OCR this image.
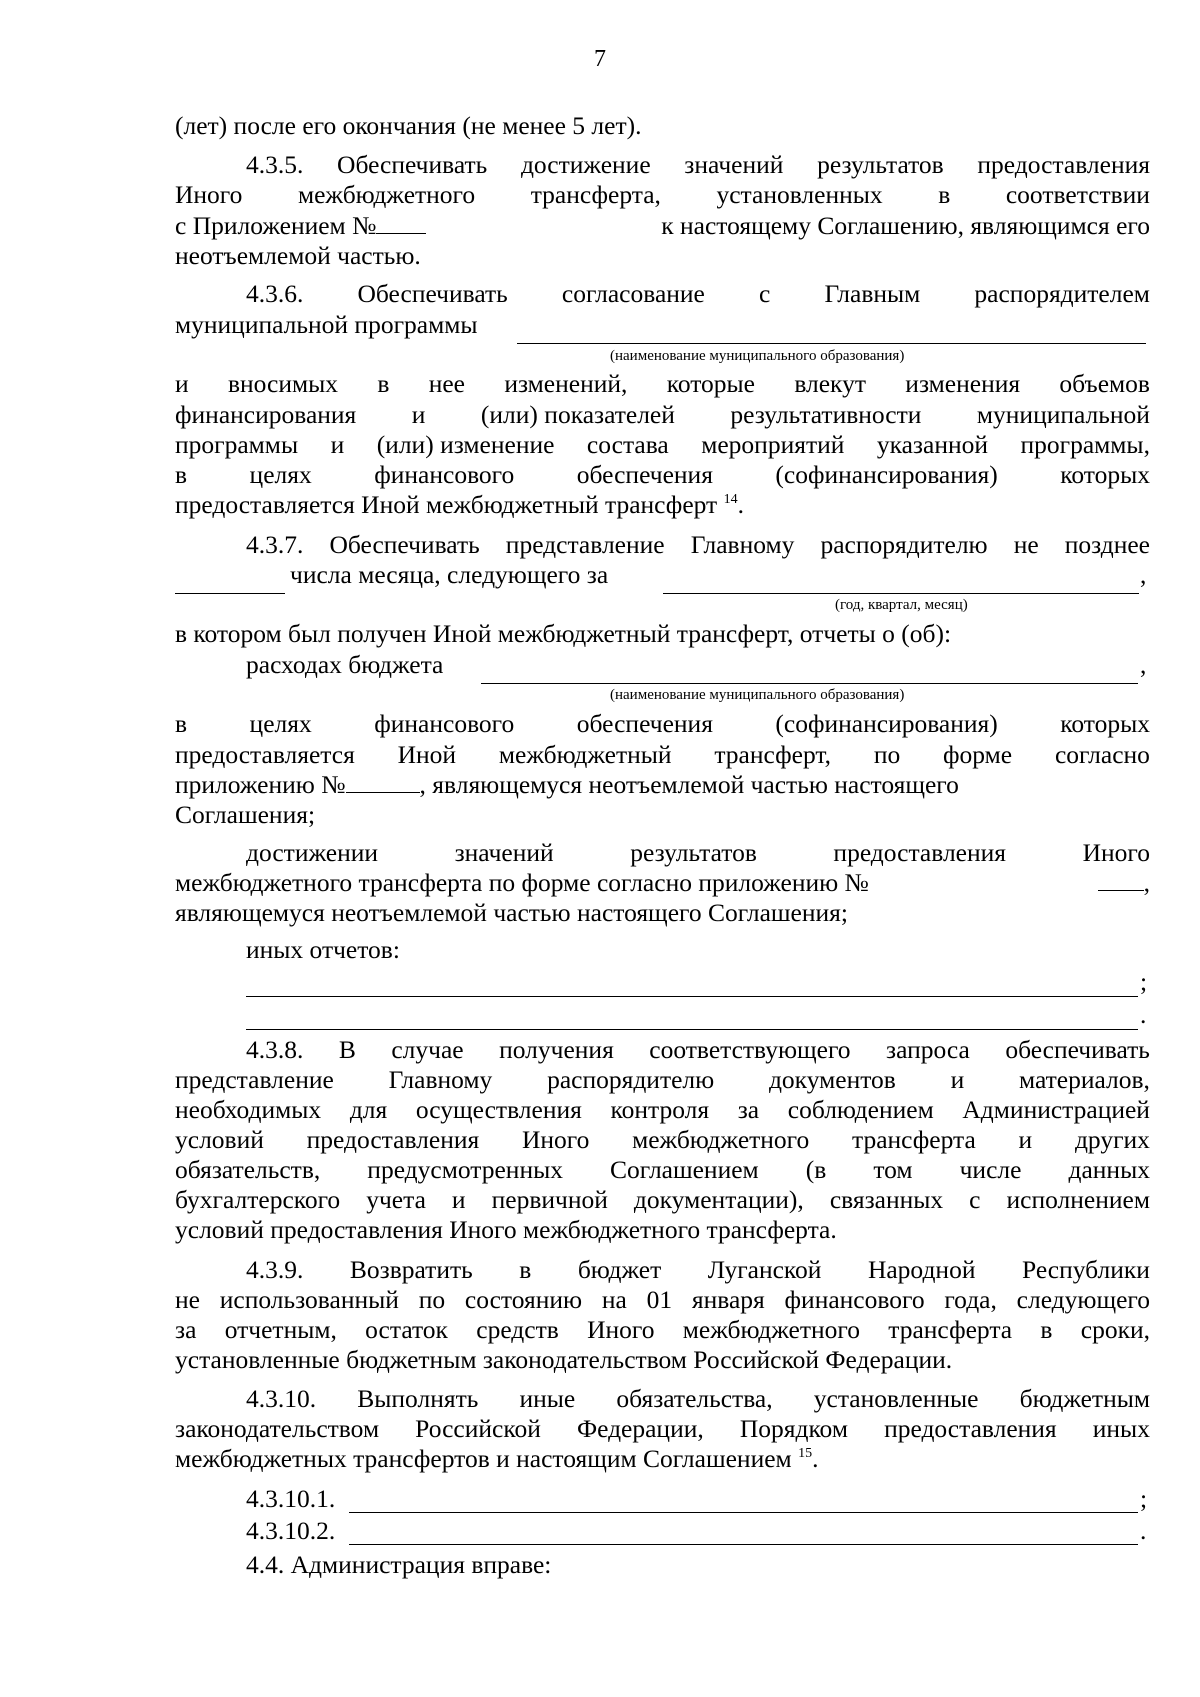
7
(лет) после его окончания (не менее 5 лет).
4.3.5. Обеспечивать достижение значений результатов предоставления
Иного межбюджетного трансферта, установленных в соответствии
с Приложением №	к настоящему Соглашению, являющимся его
неотъемлемой частью.
4.3.6. Обеспечивать согласование с Главным распорядителем
муниципальной программы
(наименование муниципального образования)
и вносимых в нее изменений, которые влекут изменения объемов
финансирования и (или) показателей результативности муниципальной
программы и (или) изменение состава мероприятий указанной программы,
в целях финансового обеспечения (софинансирования) которых
предоставляется Иной межбюджетный трансферт $^{14}$.
4.3.7. Обеспечивать представление Главному распорядителю не позднее
числа месяца, следующего за	,
(год, квартал, месяц)
в котором был получен Иной межбюджетный трансферт, отчеты о (об):
расходах бюджета	,
(наименование муниципального образования)
в целях финансового обеспечения (софинансирования) которых
предоставляется Иной межбюджетный трансферт, по форме согласно
приложению №	, являющемуся неотъемлемой частью настоящего
Соглашения;
достижении	значений	результатов	предоставления	Иного
межбюджетного трансферта по форме согласно приложению №	,
являющемуся неотъемлемой частью настоящего Соглашения;
иных отчетов:
;
.
4.3.8. В случае получения соответствующего запроса обеспечивать
представление Главному распорядителю документов и материалов,
необходимых для осуществления контроля за соблюдением Администрацией
условий предоставления Иного межбюджетного трансферта и других
обязательств, предусмотренных Соглашением (в том числе данных
бухгалтерского учета и первичной документации), связанных с исполнением
условий предоставления Иного межбюджетного трансферта.
4.3.9. Возвратить в бюджет Луганской Народной Республики
не использованный по состоянию на 01 января финансового года, следующего
за отчетным, остаток средств Иного межбюджетного трансферта в сроки,
установленные бюджетным законодательством Российской Федерации.
4.3.10. Выполнять иные обязательства, установленные бюджетным
законодательством Российской Федерации, Порядком предоставления иных
межбюджетных трансфертов и настоящим Соглашением $^{15}$.
4.3.10.1.	;
4.3.10.2.	.
4.4. Администрация вправе:
